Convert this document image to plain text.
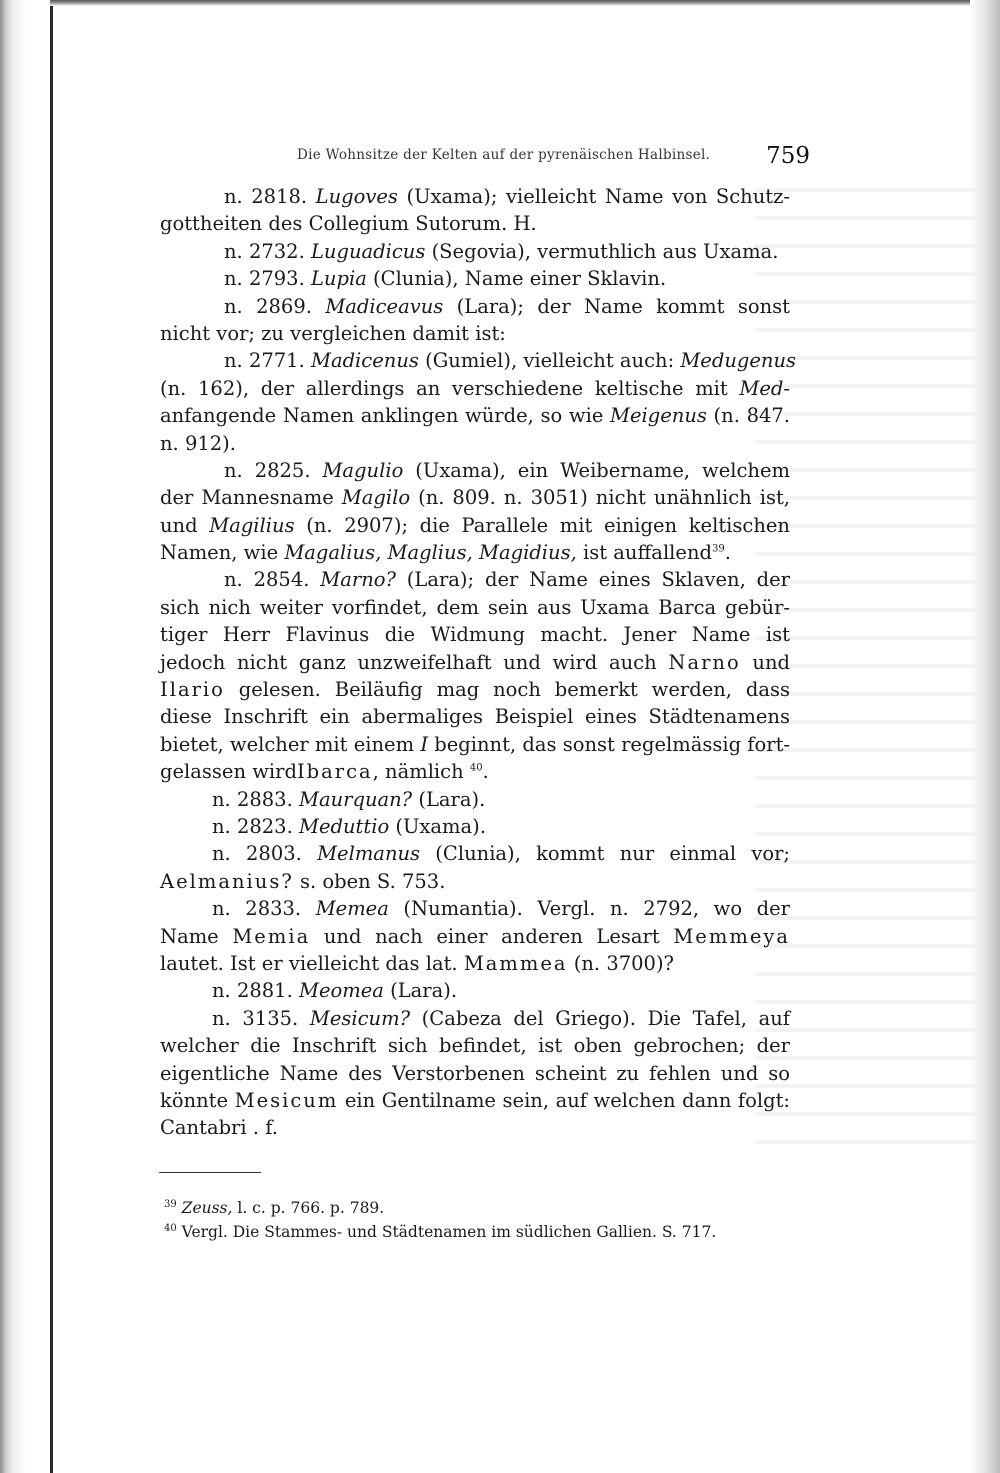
Die Wohnsitze der Kelten auf der pyrenäischen Halbinsel. 759
n. 2818. Lugoves (Uxama); vielleicht Name von Schutz-
gottheiten des Collegium Sutorum. H.
n. 2732. Luguadicus (Segovia), vermuthlich aus Uxama.
n. 2793. Lupia (Clunia), Name einer Sklavin.
n. 2869. Madiceavus (Lara); der Name kommt sonst
nicht vor; zu vergleichen damit ist:
n. 2771. Madicenus (Gumiel), vielleicht auch: Medugenus
(n. 162), der allerdings an verschiedene keltische mit Med-
anfangende Namen anklingen würde, so wie Meigenus (n. 847.
n. 912).
n. 2825. Magulio (Uxama), ein Weibername, welchem
der Mannesname Magilo (n. 809. n. 3051) nicht unähnlich ist,
und Magilius (n. 2907); die Parallele mit einigen keltischen
Namen, wie Magalius, Maglius, Magidius, ist auffallend$^{39}$.
n. 2854. Marno? (Lara); der Name eines Sklaven, der
sich nich weiter vorfindet, dem sein aus Uxama Barca gebür-
tiger Herr Flavinus die Widmung macht. Jener Name ist
jedoch nicht ganz unzweifelhaft und wird auch Narno und
Ilario gelesen. Beiläufig mag noch bemerkt werden, dass
diese Inschrift ein abermaliges Beispiel eines Städtenamens
bietet, welcher mit einem I beginnt, das sonst regelmässig fort-
gelassen wirdIbarca, nämlich $^{40}$.
n. 2883. Maurquan? (Lara).
n. 2823. Meduttio (Uxama).
n. 2803. Melmanus (Clunia), kommt nur einmal vor;
Aelmanius? s. oben S. 753.
n. 2833. Memea (Numantia). Vergl. n. 2792, wo der
Name Memia und nach einer anderen Lesart Memmeya
lautet. Ist er vielleicht das lat. Mammea (n. 3700)?
n. 2881. Meomea (Lara).
n. 3135. Mesicum? (Cabeza del Griego). Die Tafel, auf
welcher die Inschrift sich befindet, ist oben gebrochen; der
eigentliche Name des Verstorbenen scheint zu fehlen und so
könnte Mesicum ein Gentilname sein, auf welchen dann folgt:
Cantabri . f.
$^{39}$ Zeuss, l. c. p. 766. p. 789.
$^{40}$ Vergl. Die Stammes- und Städtenamen im südlichen Gallien. S. 717.
